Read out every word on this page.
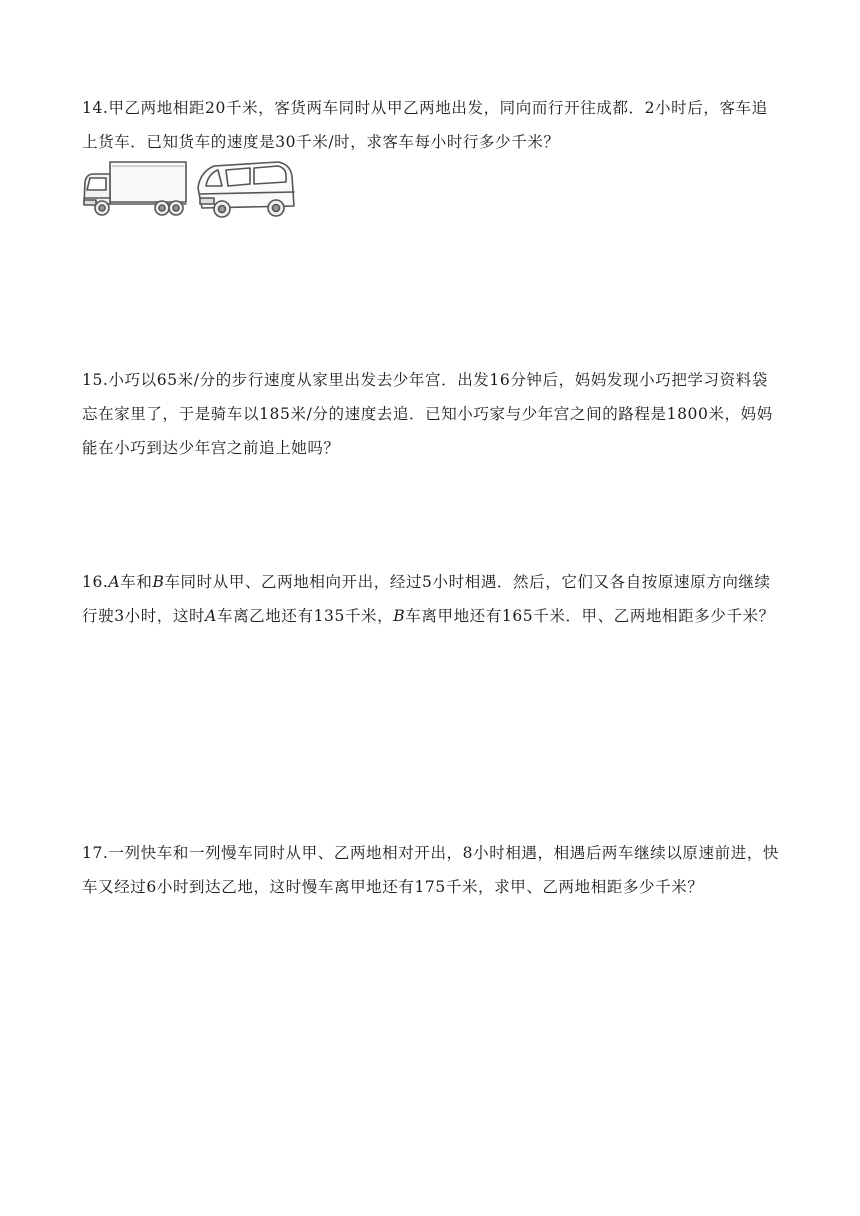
14.甲乙两地相距20千米，客货两车同时从甲乙两地出发，同向而行开往成都．2小时后，客车追上货车．已知货车的速度是30千米/时，求客车每小时行多少千米？

15.小巧以65米/分的步行速度从家里出发去少年宫．出发16分钟后，妈妈发现小巧把学习资料袋忘在家里了，于是骑车以185米/分的速度去追．已知小巧家与少年宫之间的路程是1800米，妈妈能在小巧到达少年宫之前追上她吗？

16.A车和B车同时从甲、乙两地相向开出，经过5小时相遇．然后，它们又各自按原速原方向继续行驶3小时，这时A车离乙地还有135千米，B车离甲地还有165千米．甲、乙两地相距多少千米？

17.一列快车和一列慢车同时从甲、乙两地相对开出，8小时相遇，相遇后两车继续以原速前进，快车又经过6小时到达乙地，这时慢车离甲地还有175千米，求甲、乙两地相距多少千米？
